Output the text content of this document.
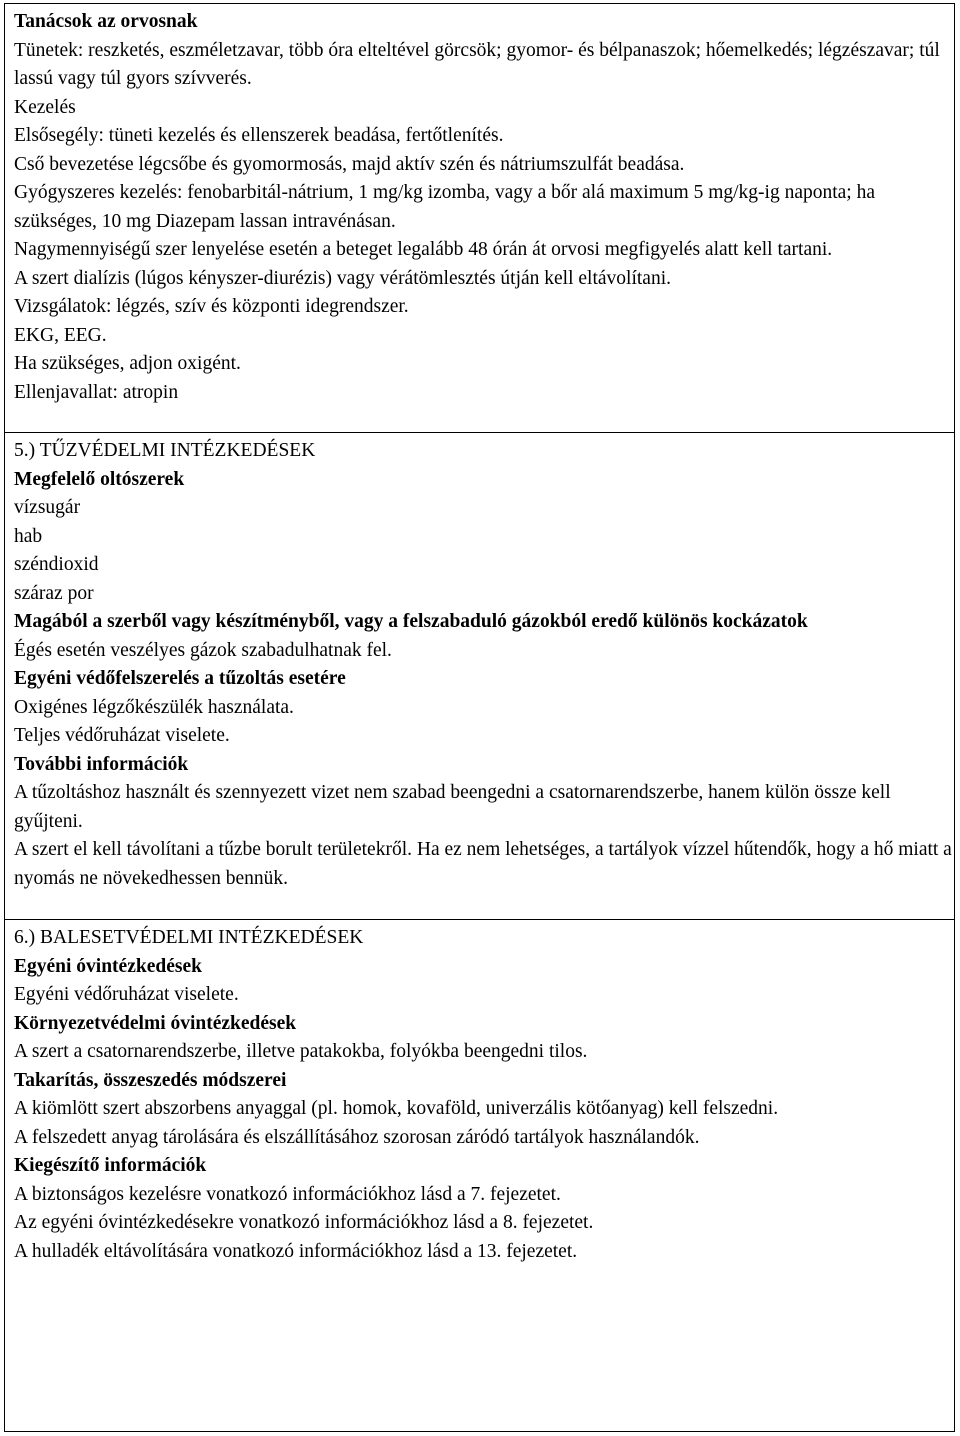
Tanácsok az orvosnak

Tünetek: reszketés, eszméletzavar, több óra elteltével görcsök; gyomor- és bélpanaszok; hőemelkedés; légzészavar; túl lassú vagy túl gyors szívverés.

Kezelés

Elsősegély: tüneti kezelés és ellenszerek beadása, fertőtlenítés.

Cső bevezetése légcsőbe és gyomormosás, majd aktív szén és nátriumszulfát beadása.

Gyógyszeres kezelés: fenobarbitál-nátrium, 1 mg/kg izomba, vagy a bőr alá maximum 5 mg/kg-ig naponta; ha szükséges, 10 mg Diazepam lassan intravénásan.

Nagymennyiségű szer lenyelése esetén a beteget legalább 48 órán át orvosi megfigyelés alatt kell tartani.

A szert dialízis (lúgos kényszer-diurézis) vagy vérátömlesztés útján kell eltávolítani.

Vizsgálatok: légzés, szív és központi idegrendszer.

EKG, EEG.

Ha szükséges, adjon oxigént.

Ellenjavallat: atropin

5.) TŰZVÉDELMI INTÉZKEDÉSEK

Megfelelő oltószerek

vízsugár

hab

széndioxid

száraz por

Magából a szerből vagy készítményből, vagy a felszabaduló gázokból eredő különös kockázatok

Égés esetén veszélyes gázok szabadulhatnak fel.

Egyéni védőfelszerelés a tűzoltás esetére

Oxigénes légzőkészülék használata.

Teljes védőruházat viselete.

További információk

A tűzoltáshoz használt és szennyezett vizet nem szabad beengedni a csatornarendszerbe, hanem külön össze kell gyűjteni.

A szert el kell távolítani a tűzbe borult területekről. Ha ez nem lehetséges, a tartályok vízzel hűtendők, hogy a hő miatt a nyomás ne növekedhessen bennük.

6.) BALESETVÉDELMI INTÉZKEDÉSEK

Egyéni óvintézkedések

Egyéni védőruházat viselete.

Környezetvédelmi óvintézkedések

A szert a csatornarendszerbe, illetve patakokba, folyókba beengedni tilos.

Takarítás, összeszedés módszerei

A kiömlött szert abszorbens anyaggal (pl. homok, kovaföld, univerzális kötőanyag) kell felszedni.

A felszedett anyag tárolására és elszállításához szorosan záródó tartályok használandók.

Kiegészítő információk

A biztonságos kezelésre vonatkozó információkhoz lásd a 7. fejezetet.

Az egyéni óvintézkedésekre vonatkozó információkhoz lásd a 8. fejezetet.

A hulladék eltávolítására vonatkozó információkhoz lásd a 13. fejezetet.
